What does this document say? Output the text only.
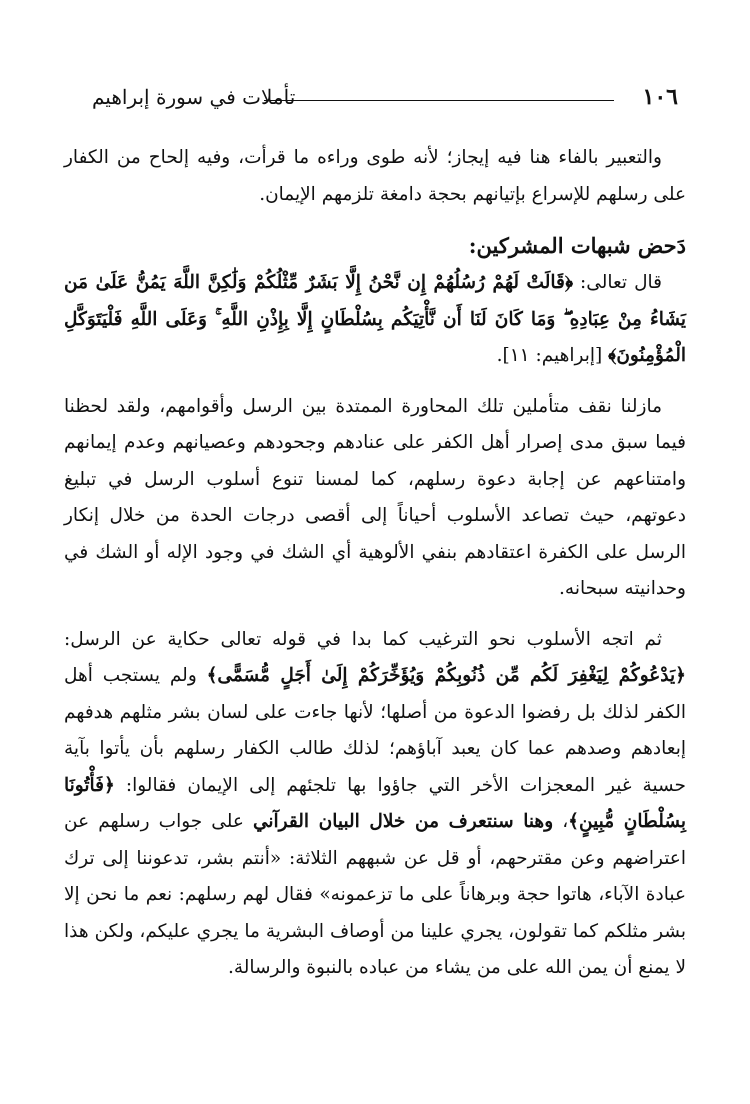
١٠٦
تأملات في سورة إبراهيم

والتعبير بالفاء هنا فيه إيجاز؛ لأنه طوى وراءه ما قرأت، وفيه إلحاح من الكفار على رسلهم للإسراع بإتيانهم بحجة دامغة تلزمهم الإيمان.

دَحض شبهات المشركين:

قال تعالى: ﴿قَالَتْ لَهُمْ رُسُلُهُمْ إِن نَّحْنُ إِلَّا بَشَرٌ مِّثْلُكُمْ وَلَٰكِنَّ اللَّهَ يَمُنُّ عَلَىٰ مَن يَشَاءُ مِنْ عِبَادِهِ ۖ وَمَا كَانَ لَنَا أَن نَّأْتِيَكُم بِسُلْطَانٍ إِلَّا بِإِذْنِ اللَّهِ ۚ وَعَلَى اللَّهِ فَلْيَتَوَكَّلِ الْمُؤْمِنُونَ﴾ [إبراهيم: ١١].

مازلنا نقف متأملين تلك المحاورة الممتدة بين الرسل وأقوامهم، ولقد لحظنا فيما سبق مدى إصرار أهل الكفر على عنادهم وجحودهم وعصيانهم وعدم إيمانهم وامتناعهم عن إجابة دعوة رسلهم، كما لمسنا تنوع أسلوب الرسل في تبليغ دعوتهم، حيث تصاعد الأسلوب أحياناً إلى أقصى درجات الحدة من خلال إنكار الرسل على الكفرة اعتقادهم بنفي الألوهية أي الشك في وجود الإله أو الشك في وحدانيته سبحانه.

ثم اتجه الأسلوب نحو الترغيب كما بدا في قوله تعالى حكاية عن الرسل: ﴿يَدْعُوكُمْ لِيَغْفِرَ لَكُم مِّن ذُنُوبِكُمْ وَيُؤَخِّرَكُمْ إِلَىٰ أَجَلٍ مُّسَمًّى﴾ ولم يستجب أهل الكفر لذلك بل رفضوا الدعوة من أصلها؛ لأنها جاءت على لسان بشر مثلهم هدفهم إبعادهم وصدهم عما كان يعبد آباؤهم؛ لذلك طالب الكفار رسلهم بأن يأتوا بآية حسية غير المعجزات الأخر التي جاؤوا بها تلجئهم إلى الإيمان فقالوا: ﴿فَأْتُونَا بِسُلْطَانٍ مُّبِينٍ﴾، وهنا سنتعرف من خلال البيان القرآني على جواب رسلهم عن اعتراضهم وعن مقترحهم، أو قل عن شبههم الثلاثة: «أنتم بشر، تدعوننا إلى ترك عبادة الآباء، هاتوا حجة وبرهاناً على ما تزعمونه» فقال لهم رسلهم: نعم ما نحن إلا بشر مثلكم كما تقولون، يجري علينا من أوصاف البشرية ما يجري عليكم، ولكن هذا لا يمنع أن يمن الله على من يشاء من عباده بالنبوة والرسالة.
